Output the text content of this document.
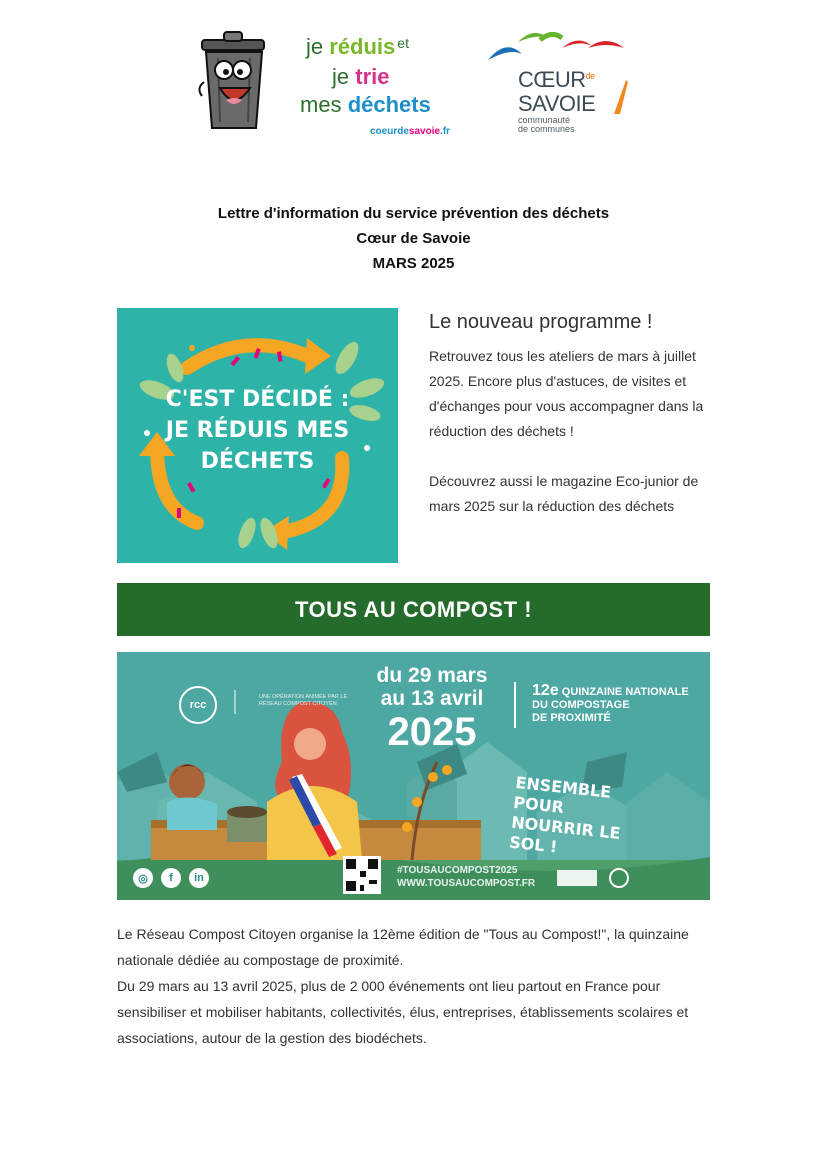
je réduis $^{et}$
je trie
mes déchets
coeurdesavoie.fr
$CŒUR^{de}$
SAVOIE
communauté
de communes
Lettre d'information du service prévention des déchets
Cœur de Savoie
MARS 2025
C'EST DÉCIDÉ :
JE RÉDUIS MES
DÉCHETS
Le nouveau programme !

Retrouvez tous les ateliers de mars à juillet 2025. Encore plus d'astuces, de visites et d'échanges pour vous accompagner dans la réduction des déchets !

Découvrez aussi le magazine Eco-junior de mars 2025 sur la réduction des déchets

TOUS AU COMPOST !
rcc
UNE OPÉRATION ANIMÉE PAR LE RÉSEAU COMPOST CITOYEN
du 29 mars
au 13 avril
2025
12e QUINZAINE NATIONALE
DU COMPOSTAGE
DE PROXIMITÉ
ENSEMBLE POUR
NOURRIR LE SOL !
#TOUSAUCOMPOST2025
WWW.TOUSAUCOMPOST.FR
◎	f	in

Le Réseau Compost Citoyen organise la 12ème édition de "Tous au Compost!", la quinzaine nationale dédiée au compostage de proximité.

Du 29 mars au 13 avril 2025, plus de 2 000 événements ont lieu partout en France pour sensibiliser et mobiliser habitants, collectivités, élus, entreprises, établissements scolaires et associations, autour de la gestion des biodéchets.
